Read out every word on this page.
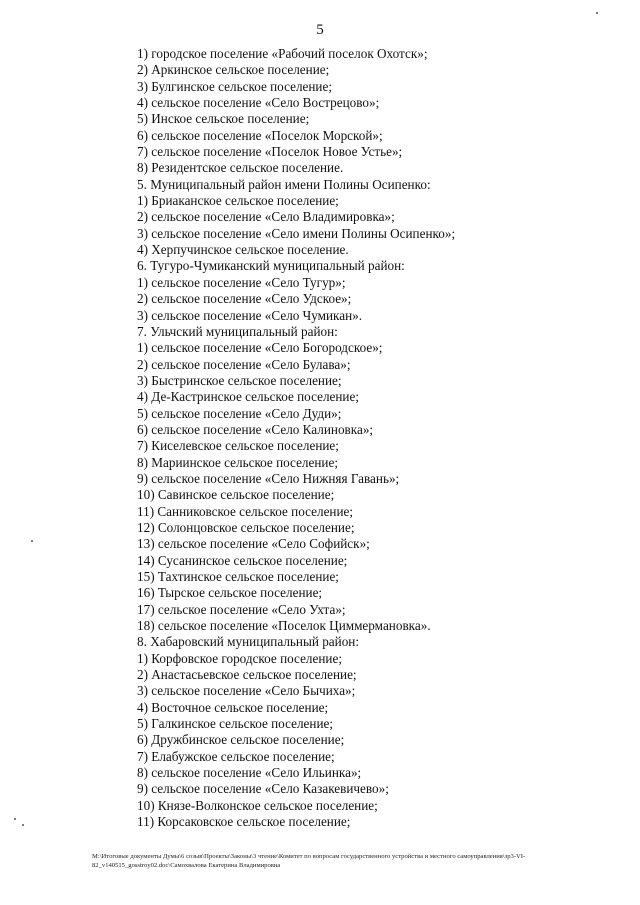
5
1) городское поселение «Рабочий поселок Охотск»;
2) Аркинское сельское поселение;
3) Булгинское сельское поселение;
4) сельское поселение «Село Вострецово»;
5) Инское сельское поселение;
6) сельское поселение «Поселок Морской»;
7) сельское поселение «Поселок Новое Устье»;
8) Резидентское сельское поселение.
5. Муниципальный район имени Полины Осипенко:
1) Бриаканское сельское поселение;
2) сельское поселение «Село Владимировка»;
3) сельское поселение «Село имени Полины Осипенко»;
4) Херпучинское сельское поселение.
6. Тугуро-Чумиканский муниципальный район:
1) сельское поселение «Село Тугур»;
2) сельское поселение «Село Удское»;
3) сельское поселение «Село Чумикан».
7. Ульчский муниципальный район:
1) сельское поселение «Село Богородское»;
2) сельское поселение «Село Булава»;
3) Быстринское сельское поселение;
4) Де-Кастринское сельское поселение;
5) сельское поселение «Село Дуди»;
6) сельское поселение «Село Калиновка»;
7) Киселевское сельское поселение;
8) Мариинское сельское поселение;
9) сельское поселение «Село Нижняя Гавань»;
10) Савинское сельское поселение;
11) Санниковское сельское поселение;
12) Солонцовское сельское поселение;
13) сельское поселение «Село Софийск»;
14) Сусанинское сельское поселение;
15) Тахтинское сельское поселение;
16) Тырское сельское поселение;
17) сельское поселение «Село Ухта»;
18) сельское поселение «Поселок Циммермановка».
8. Хабаровский муниципальный район:
1) Корфовское городское поселение;
2) Анастасьевское сельское поселение;
3) сельское поселение «Село Бычиха»;
4) Восточное сельское поселение;
5) Галкинское сельское поселение;
6) Дружбинское сельское поселение;
7) Елабужское сельское поселение;
8) сельское поселение «Село Ильинка»;
9) сельское поселение «Село Казакевичево»;
10) Князе-Волконское сельское поселение;
11) Корсаковское сельское поселение;
M:\Итоговые документы Думы\6 созыв\Проекты\Законы\3 чтение\Комитет по вопросам государственного устройства и местного самоуправления\зр3-VI-
82_v140515_gosstroy02.doc\Самохвалова Екатерина Владимировна
